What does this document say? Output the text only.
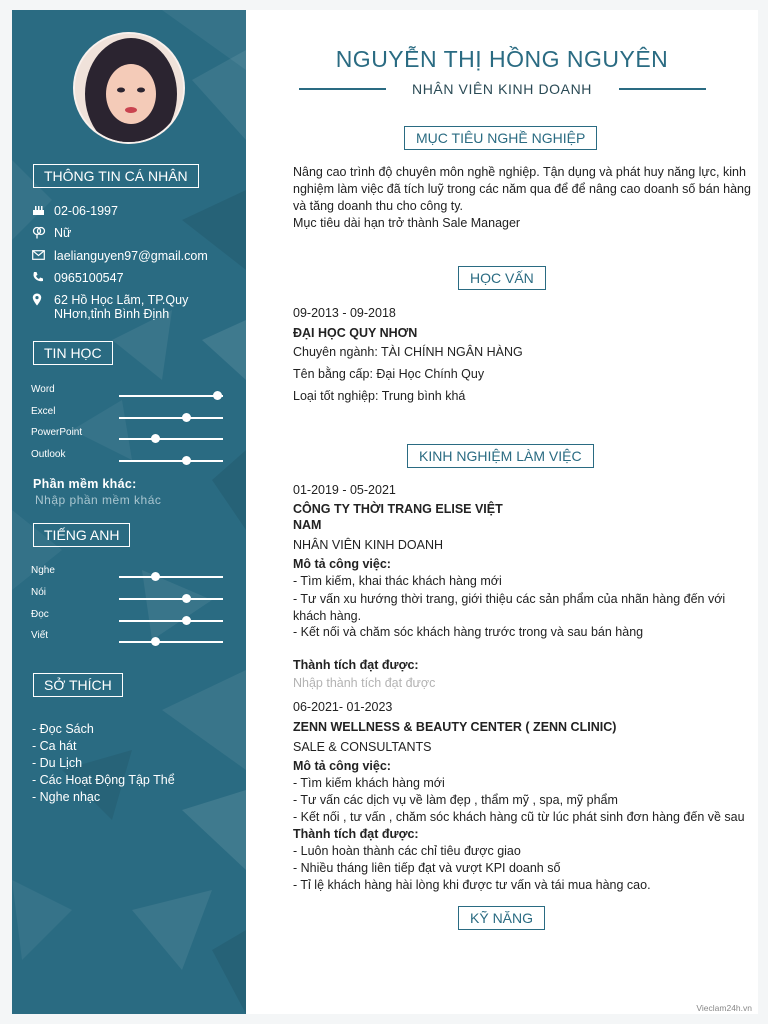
THÔNG TIN CÁ NHÂN
02-06-1997
Nữ
laelianguyen97@gmail.com
0965100547
62 Hồ Học Lãm, TP.Quy NHơn,tỉnh Bình Định
TIN HỌC
Word
Excel
PowerPoint
Outlook
Phần mềm khác:
Nhập phần mềm khác
TIẾNG ANH
Nghe
Nói
Đọc
Viết
SỞ THÍCH
- Đọc Sách
- Ca hát
- Du Lịch
- Các Hoạt Động Tập Thể
- Nghe nhạc
NGUYỄN THỊ HỒNG NGUYÊN
NHÂN VIÊN KINH DOANH
MỤC TIÊU NGHỀ NGHIỆP
Nâng cao trình độ chuyên môn nghề nghiệp. Tận dụng và phát huy năng lực, kinh nghiệm làm việc đã tích luỹ trong các năm qua để để nâng cao doanh số bán hàng và tăng doanh thu cho công ty.
Mục tiêu dài hạn trở thành Sale Manager
HỌC VẤN
09-2013 - 09-2018
ĐẠI HỌC QUY NHƠN
Chuyên ngành: TÀI CHÍNH NGÂN HÀNG
Tên bằng cấp: Đại Học Chính Quy
Loại tốt nghiệp: Trung bình khá
KINH NGHIỆM LÀM VIỆC
01-2019 - 05-2021
CÔNG TY THỜI TRANG ELISE VIỆT
NAM
NHÂN VIÊN KINH DOANH
Mô tả công việc:
- Tìm kiếm, khai thác khách hàng mới
- Tư vấn xu hướng thời trang, giới thiệu các sản phẩm của nhãn hàng đến với khách hàng.
- Kết nối và chăm sóc khách hàng trước trong và sau bán hàng
Thành tích đạt được:
Nhập thành tích đạt được
06-2021- 01-2023
ZENN WELLNESS & BEAUTY CENTER ( ZENN CLINIC)
SALE & CONSULTANTS
Mô tả công việc:
- Tìm kiếm khách hàng mới
- Tư vấn các dịch vụ về làm đẹp , thẩm mỹ , spa, mỹ phẩm
- Kết nối , tư vấn , chăm sóc khách hàng cũ từ lúc phát sinh đơn hàng đến về sau
Thành tích đạt được:
- Luôn hoàn thành các chỉ tiêu được giao
- Nhiều tháng liên tiếp đạt và vượt KPI doanh số
- Tỉ lệ khách hàng hài lòng khi được tư vấn và tái mua hàng cao.
KỸ NĂNG
Vieclam24h.vn
